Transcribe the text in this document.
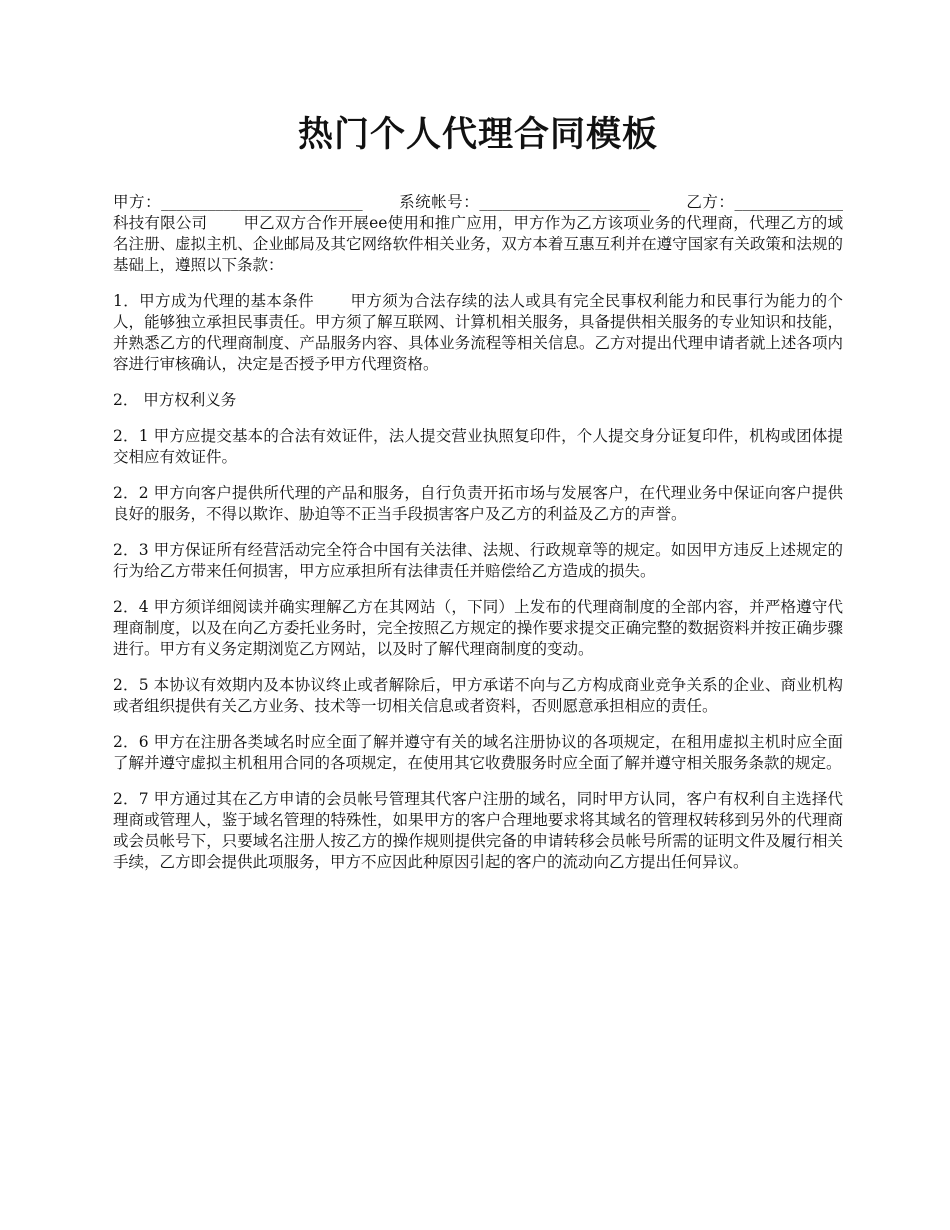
热门个人代理合同模板

甲方：__________________________ 系统帐号：______________________ 乙方：______________科技有限公司 甲乙双方合作开展ee使用和推广应用，甲方作为乙方该项业务的代理商，代理乙方的域名注册、虚拟主机、企业邮局及其它网络软件相关业务，双方本着互惠互利并在遵守国家有关政策和法规的基础上，遵照以下条款：

1．甲方成为代理的基本条件 甲方须为合法存续的法人或具有完全民事权利能力和民事行为能力的个人，能够独立承担民事责任。甲方须了解互联网、计算机相关服务，具备提供相关服务的专业知识和技能，并熟悉乙方的代理商制度、产品服务内容、具体业务流程等相关信息。乙方对提出代理申请者就上述各项内容进行审核确认，决定是否授予甲方代理资格。

2． 甲方权利义务

2．1 甲方应提交基本的合法有效证件，法人提交营业执照复印件，个人提交身分证复印件，机构或团体提交相应有效证件。

2．2 甲方向客户提供所代理的产品和服务，自行负责开拓市场与发展客户，在代理业务中保证向客户提供良好的服务，不得以欺诈、胁迫等不正当手段损害客户及乙方的利益及乙方的声誉。

2．3 甲方保证所有经营活动完全符合中国有关法律、法规、行政规章等的规定。如因甲方违反上述规定的行为给乙方带来任何损害，甲方应承担所有法律责任并赔偿给乙方造成的损失。

2．4 甲方须详细阅读并确实理解乙方在其网站（，下同）上发布的代理商制度的全部内容，并严格遵守代理商制度，以及在向乙方委托业务时，完全按照乙方规定的操作要求提交正确完整的数据资料并按正确步骤进行。甲方有义务定期浏览乙方网站，以及时了解代理商制度的变动。

2．5 本协议有效期内及本协议终止或者解除后，甲方承诺不向与乙方构成商业竞争关系的企业、商业机构或者组织提供有关乙方业务、技术等一切相关信息或者资料，否则愿意承担相应的责任。

2．6 甲方在注册各类域名时应全面了解并遵守有关的域名注册协议的各项规定，在租用虚拟主机时应全面了解并遵守虚拟主机租用合同的各项规定，在使用其它收费服务时应全面了解并遵守相关服务条款的规定。

2．7 甲方通过其在乙方申请的会员帐号管理其代客户注册的域名，同时甲方认同，客户有权利自主选择代理商或管理人，鉴于域名管理的特殊性，如果甲方的客户合理地要求将其域名的管理权转移到另外的代理商或会员帐号下，只要域名注册人按乙方的操作规则提供完备的申请转移会员帐号所需的证明文件及履行相关手续，乙方即会提供此项服务，甲方不应因此种原因引起的客户的流动向乙方提出任何异议。
